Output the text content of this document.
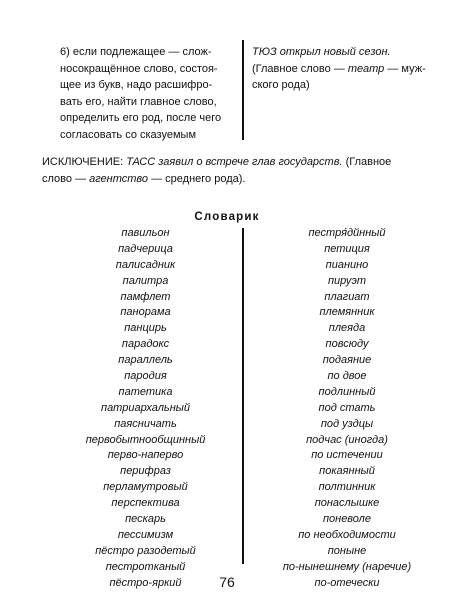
6) если подлежащее — слож-
носокращённое слово, состоя-
щее из букв, надо расшифро-
вать его, найти главное слово,
определить его род, после чего
согласовать со сказуемым
ТЮЗ открыл новый сезон.
(Главное слово — театр — муж-
ского рода)
ИСКЛЮЧЕНИЕ: ТАСС заявил о встрече глав государств. (Главное
слово — агентство — среднего рода).
Словарик
павильон
падчерица
палисадник
палитра
памфлет
панорама
панцирь
парадокс
параллель
пародия
патетика
патриархальный
паясничать
первобытнообщинный
перво-наперво
перифраз
перламутровый
перспектива
пескарь
пессимизм
пёстро разодетый
пестротканый
пёстро-яркий
пестря́дйнный
петиция
пианино
пируэт
плагиат
племянник
плеяда
повсюду
подаяние
по двое
подлинный
под стать
под уздцы
подчас (иногда)
по истечении
покаянный
полтинник
понаслышке
поневоле
по необходимости
поныне
по-нынешнему (наречие)
по-отечески
76
